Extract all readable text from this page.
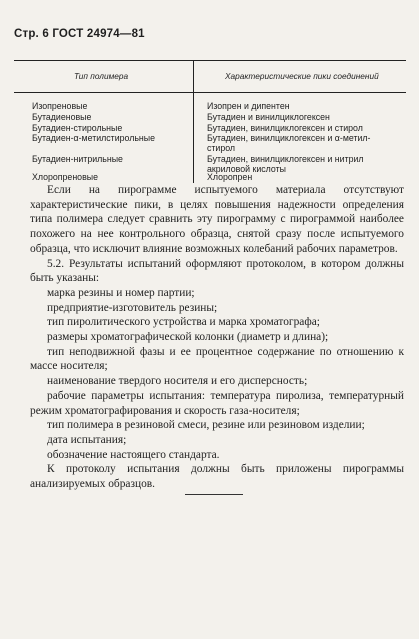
Стр. 6 ГОСТ 24974—81
Тип полимера	Характеристические пики соединений
Изопреновые	Изопрен и дипентен
Бутадиеновые	Бутадиен и винилциклогексен
Бутадиен-стирольные	Бутадиен, винилциклогексен и стирол
Бутадиен-α-метилстирольные	Бутадиен, винилциклогексен и α-метил-
стирол
Бутадиен-нитрильные	Бутадиен, винилциклогексен и нитрил
акриловой кислоты
Хлоропреновые	Хлоропрен

Если на пирограмме испытуемого материала отсутствуют характеристические пики, в целях повышения надежности определения типа полимера следует сравнить эту пирограмму с пирограммой наиболее похожего на нее контрольного образца, снятой сразу после испытуемого образца, что исключит влияние возможных колебаний рабочих параметров.

5.2. Результаты испытаний оформляют протоколом, в котором должны быть указаны:

марка резины и номер партии;

предприятие-изготовитель резины;

тип пиролитического устройства и марка хроматографа;

размеры хроматографической колонки (диаметр и длина);

тип неподвижной фазы и ее процентное содержание по отношению к массе носителя;

наименование твердого носителя и его дисперсность;

рабочие параметры испытания: температура пиролиза, температурный режим хроматографирования и скорость газа-носителя;

тип полимера в резиновой смеси, резине или резиновом изделии;

дата испытания;

обозначение настоящего стандарта.

К протоколу испытания должны быть приложены пирограммы анализируемых образцов.
